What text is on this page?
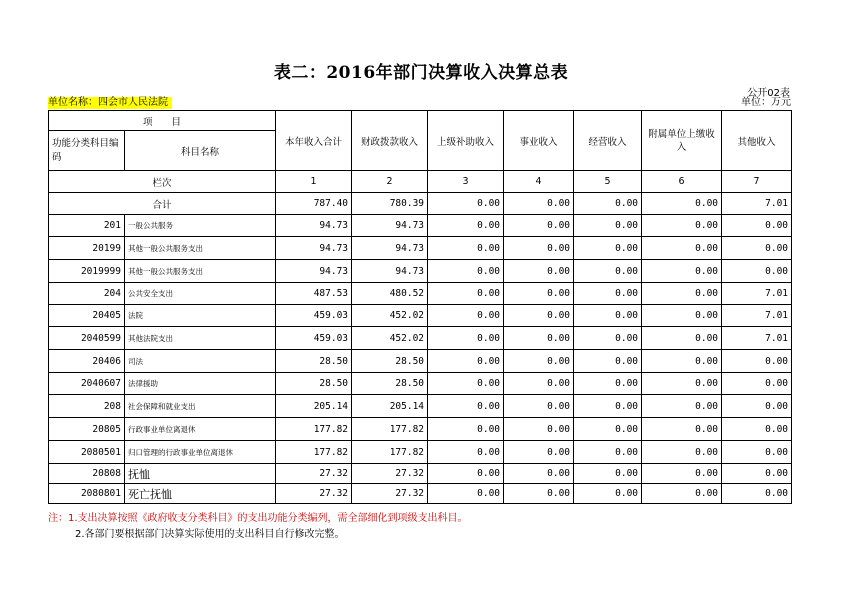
表二：2016年部门决算收入决算总表
公开02表
单位名称：四会市人民法院	单位：万元
项　　目		本年收入合计	财政拨款收入	上级补助收入	事业收入	经营收入	附属单位上缴收入	其他收入
功能分类科目编码	科目名称							

栏次		1	2	3	4	5	6	7
合计		787.40	780.39	0.00	0.00	0.00	0.00	7.01
201	一般公共服务	94.73	94.73	0.00	0.00	0.00	0.00	0.00
20199	其他一般公共服务支出	94.73	94.73	0.00	0.00	0.00	0.00	0.00
2019999	其他一般公共服务支出	94.73	94.73	0.00	0.00	0.00	0.00	0.00
204	公共安全支出	487.53	480.52	0.00	0.00	0.00	0.00	7.01
20405	法院	459.03	452.02	0.00	0.00	0.00	0.00	7.01
2040599	其他法院支出	459.03	452.02	0.00	0.00	0.00	0.00	7.01
20406	司法	28.50	28.50	0.00	0.00	0.00	0.00	0.00
2040607	法律援助	28.50	28.50	0.00	0.00	0.00	0.00	0.00
208	社会保障和就业支出	205.14	205.14	0.00	0.00	0.00	0.00	0.00
20805	行政事业单位离退休	177.82	177.82	0.00	0.00	0.00	0.00	0.00
2080501	归口管理的行政事业单位离退休	177.82	177.82	0.00	0.00	0.00	0.00	0.00
20808	抚恤	27.32	27.32	0.00	0.00	0.00	0.00	0.00
2080801	死亡抚恤	27.32	27.32	0.00	0.00	0.00	0.00	0.00
注：1.支出决算按照《政府收支分类科目》的支出功能分类编列，需全部细化到项级支出科目。
2.各部门要根据部门决算实际使用的支出科目自行修改完整。
